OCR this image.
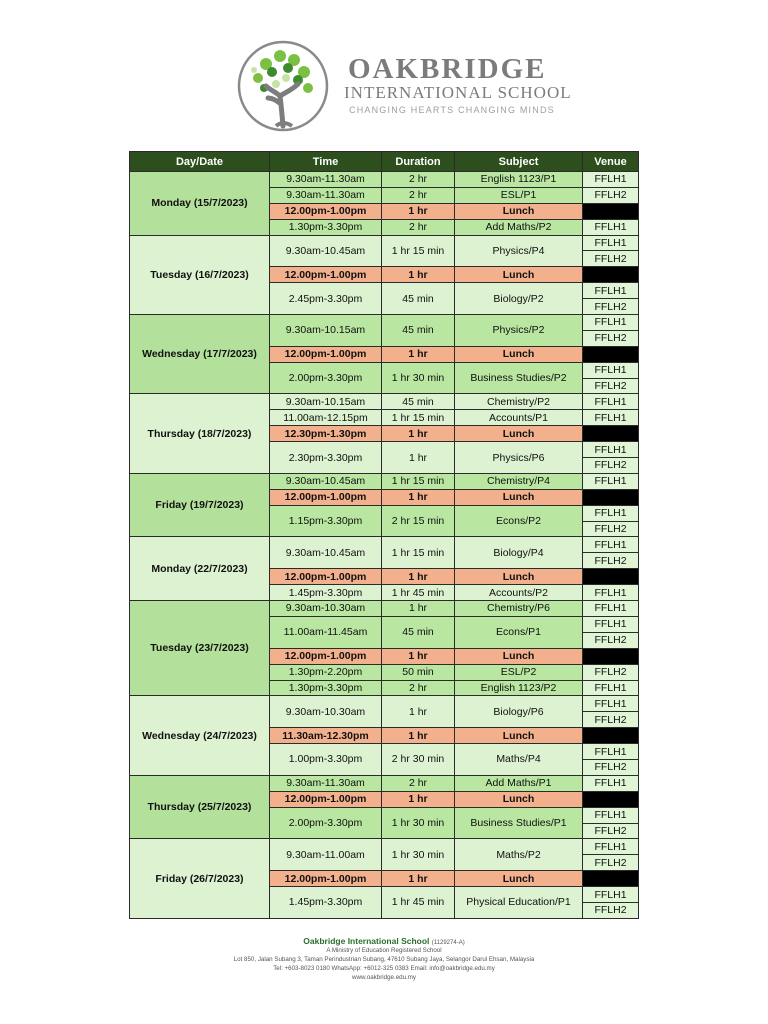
OAKBRIDGE
INTERNATIONAL SCHOOL
CHANGING HEARTS CHANGING MINDS
Day/Date	Time	Duration	Subject	Venue
Monday (15/7/2023)	9.30am-11.30am	2 hr	English 1123/P1	FFLH1
	9.30am-11.30am	2 hr	ESL/P1	FFLH2
	12.00pm-1.00pm	1 hr	Lunch	
	1.30pm-3.30pm	2 hr	Add Maths/P2	FFLH1
Tuesday (16/7/2023)	9.30am-10.45am	1 hr 15 min	Physics/P4	FFLH1
				FFLH2
	12.00pm-1.00pm	1 hr	Lunch	
	2.45pm-3.30pm	45 min	Biology/P2	FFLH1
				FFLH2
Wednesday (17/7/2023)	9.30am-10.15am	45 min	Physics/P2	FFLH1
				FFLH2
	12.00pm-1.00pm	1 hr	Lunch	
	2.00pm-3.30pm	1 hr 30 min	Business Studies/P2	FFLH1
				FFLH2
Thursday (18/7/2023)	9.30am-10.15am	45 min	Chemistry/P2	FFLH1
	11.00am-12.15pm	1 hr 15 min	Accounts/P1	FFLH1
	12.30pm-1.30pm	1 hr	Lunch	
	2.30pm-3.30pm	1 hr	Physics/P6	FFLH1
				FFLH2
Friday (19/7/2023)	9.30am-10.45am	1 hr 15 min	Chemistry/P4	FFLH1
	12.00pm-1.00pm	1 hr	Lunch	
	1.15pm-3.30pm	2 hr 15 min	Econs/P2	FFLH1
				FFLH2
Monday (22/7/2023)	9.30am-10.45am	1 hr 15 min	Biology/P4	FFLH1
				FFLH2
	12.00pm-1.00pm	1 hr	Lunch	
	1.45pm-3.30pm	1 hr 45 min	Accounts/P2	FFLH1
Tuesday (23/7/2023)	9.30am-10.30am	1 hr	Chemistry/P6	FFLH1
	11.00am-11.45am	45 min	Econs/P1	FFLH1
				FFLH2
	12.00pm-1.00pm	1 hr	Lunch	
	1.30pm-2.20pm	50 min	ESL/P2	FFLH2
	1.30pm-3.30pm	2 hr	English 1123/P2	FFLH1
Wednesday (24/7/2023)	9.30am-10.30am	1 hr	Biology/P6	FFLH1
				FFLH2
	11.30am-12.30pm	1 hr	Lunch	
	1.00pm-3.30pm	2 hr 30 min	Maths/P4	FFLH1
				FFLH2
Thursday (25/7/2023)	9.30am-11.30am	2 hr	Add Maths/P1	FFLH1
	12.00pm-1.00pm	1 hr	Lunch	
	2.00pm-3.30pm	1 hr 30 min	Business Studies/P1	FFLH1
				FFLH2
Friday (26/7/2023)	9.30am-11.00am	1 hr 30 min	Maths/P2	FFLH1
				FFLH2
	12.00pm-1.00pm	1 hr	Lunch	
	1.45pm-3.30pm	1 hr 45 min	Physical Education/P1	FFLH1
				FFLH2
Oakbridge International School (1129274-A)
A Ministry of Education Registered School
Lot 850, Jalan Subang 3, Taman Perindustrian Subang, 47610 Subang Jaya, Selangor Darul Ehsan, Malaysia
Tel: +603-8023 0180 WhatsApp: +6012-325 0383 Email: info@oakbridge.edu.my
www.oakbridge.edu.my
